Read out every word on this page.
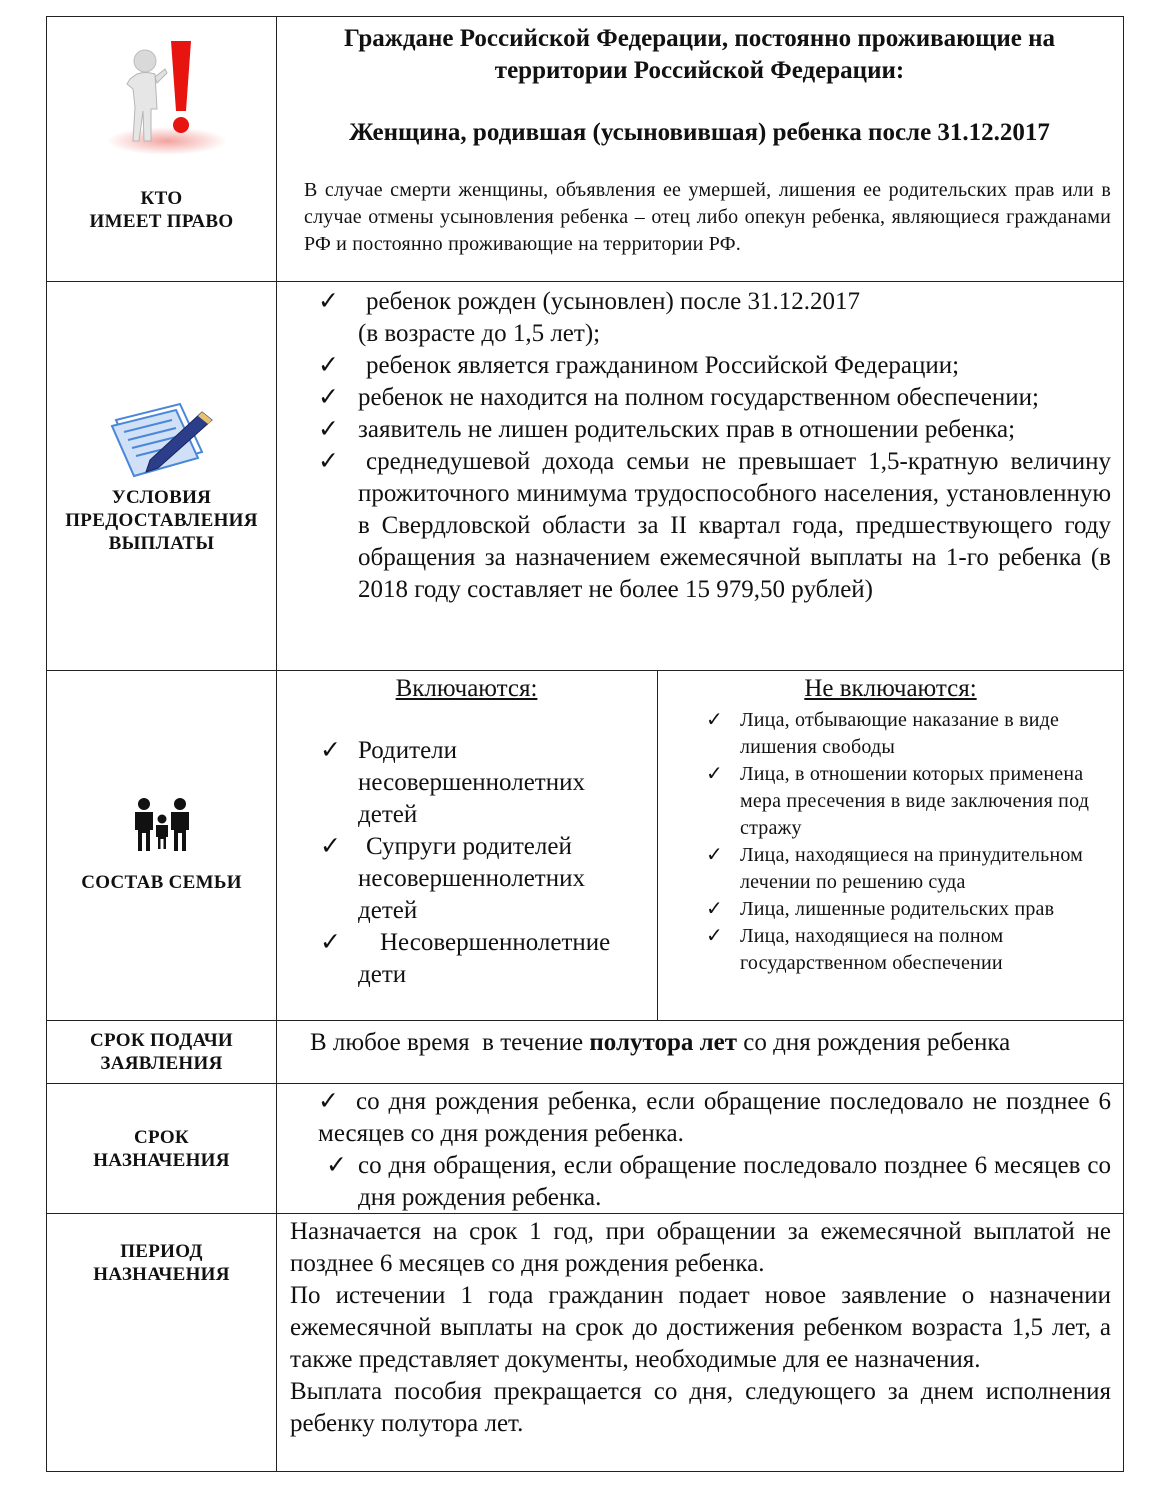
КТО
ИМЕЕТ ПРАВО
Граждане Российской Федерации, постоянно проживающие на
территории Российской Федерации:
Женщина, родившая (усыновившая) ребенка после 31.12.2017
В случае смерти женщины, объявления ее умершей, лишения ее родительских прав или в случае отмены усыновления ребенка – отец либо опекун ребенка, являющиеся гражданами РФ и постоянно проживающие на территории РФ.
УСЛОВИЯ
ПРЕДОСТАВЛЕНИЯ
ВЫПЛАТЫ
✓ ребенок рожден (усыновлен) после 31.12.2017
(в возрасте до 1,5 лет);
✓ ребенок является гражданином Российской Федерации;
✓ ребенок не находится на полном государственном обеспечении;
✓ заявитель не лишен родительских прав в отношении ребенка;
✓ среднедушевой дохода семьи не превышает 1,5-кратную величину прожиточного минимума трудоспособного населения, установленную в Свердловской области за II квартал года, предшествующего году обращения за назначением ежемесячной выплаты на 1-го ребенка (в 2018 году составляет не более 15 979,50 рублей)
СОСТАВ СЕМЬИ
Включаются:
✓ Родители несовершеннолетних детей
✓ Супруги родителей несовершеннолетних детей
✓ Несовершеннолетние дети
Не включаются:
✓ Лица, отбывающие наказание в виде лишения свободы
✓ Лица, в отношении которых применена мера пресечения в виде заключения под стражу
✓ Лица, находящиеся на принудительном лечении по решению суда
✓ Лица, лишенные родительских прав
✓ Лица, находящиеся на полном государственном обеспечении
СРОК ПОДАЧИ
ЗАЯВЛЕНИЯ
В любое время  в течение полутора лет со дня рождения ребенка
СРОК
НАЗНАЧЕНИЯ
✓ со дня рождения ребенка, если обращение последовало не позднее 6 месяцев со дня рождения ребенка.
✓ со дня обращения, если обращение последовало позднее 6 месяцев со дня рождения ребенка.
ПЕРИОД
НАЗНАЧЕНИЯ
Назначается на срок 1 год, при обращении за ежемесячной выплатой не позднее 6 месяцев со дня рождения ребенка.
По истечении 1 года гражданин подает новое заявление о назначении ежемесячной выплаты на срок до достижения ребенком возраста 1,5 лет, а также представляет документы, необходимые для ее назначения.
Выплата пособия прекращается со дня, следующего за днем исполнения ребенку полутора лет.
